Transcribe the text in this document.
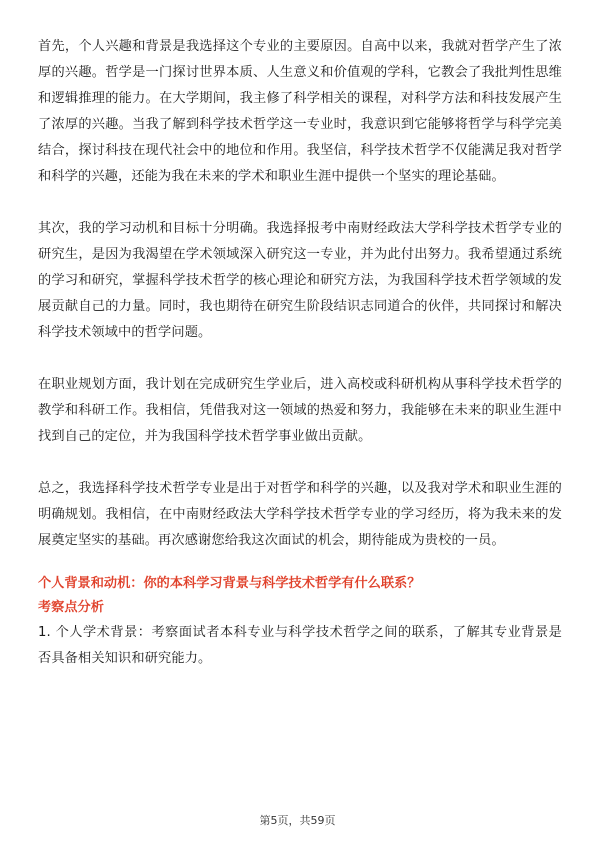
首先，个人兴趣和背景是我选择这个专业的主要原因。自高中以来，我就对哲学产生了浓厚的兴趣。哲学是一门探讨世界本质、人生意义和价值观的学科，它教会了我批判性思维和逻辑推理的能力。在大学期间，我主修了科学相关的课程，对科学方法和科技发展产生了浓厚的兴趣。当我了解到科学技术哲学这一专业时，我意识到它能够将哲学与科学完美结合，探讨科技在现代社会中的地位和作用。我坚信，科学技术哲学不仅能满足我对哲学和科学的兴趣，还能为我在未来的学术和职业生涯中提供一个坚实的理论基础。

其次，我的学习动机和目标十分明确。我选择报考中南财经政法大学科学技术哲学专业的研究生，是因为我渴望在学术领域深入研究这一专业，并为此付出努力。我希望通过系统的学习和研究，掌握科学技术哲学的核心理论和研究方法，为我国科学技术哲学领域的发展贡献自己的力量。同时，我也期待在研究生阶段结识志同道合的伙伴，共同探讨和解决科学技术领域中的哲学问题。

在职业规划方面，我计划在完成研究生学业后，进入高校或科研机构从事科学技术哲学的教学和科研工作。我相信，凭借我对这一领域的热爱和努力，我能够在未来的职业生涯中找到自己的定位，并为我国科学技术哲学事业做出贡献。

总之，我选择科学技术哲学专业是出于对哲学和科学的兴趣，以及我对学术和职业生涯的明确规划。我相信，在中南财经政法大学科学技术哲学专业的学习经历，将为我未来的发展奠定坚实的基础。再次感谢您给我这次面试的机会，期待能成为贵校的一员。

个人背景和动机：你的本科学习背景与科学技术哲学有什么联系？

考察点分析

1. 个人学术背景：考察面试者本科专业与科学技术哲学之间的联系，了解其专业背景是否具备相关知识和研究能力。

第5页，共59页
